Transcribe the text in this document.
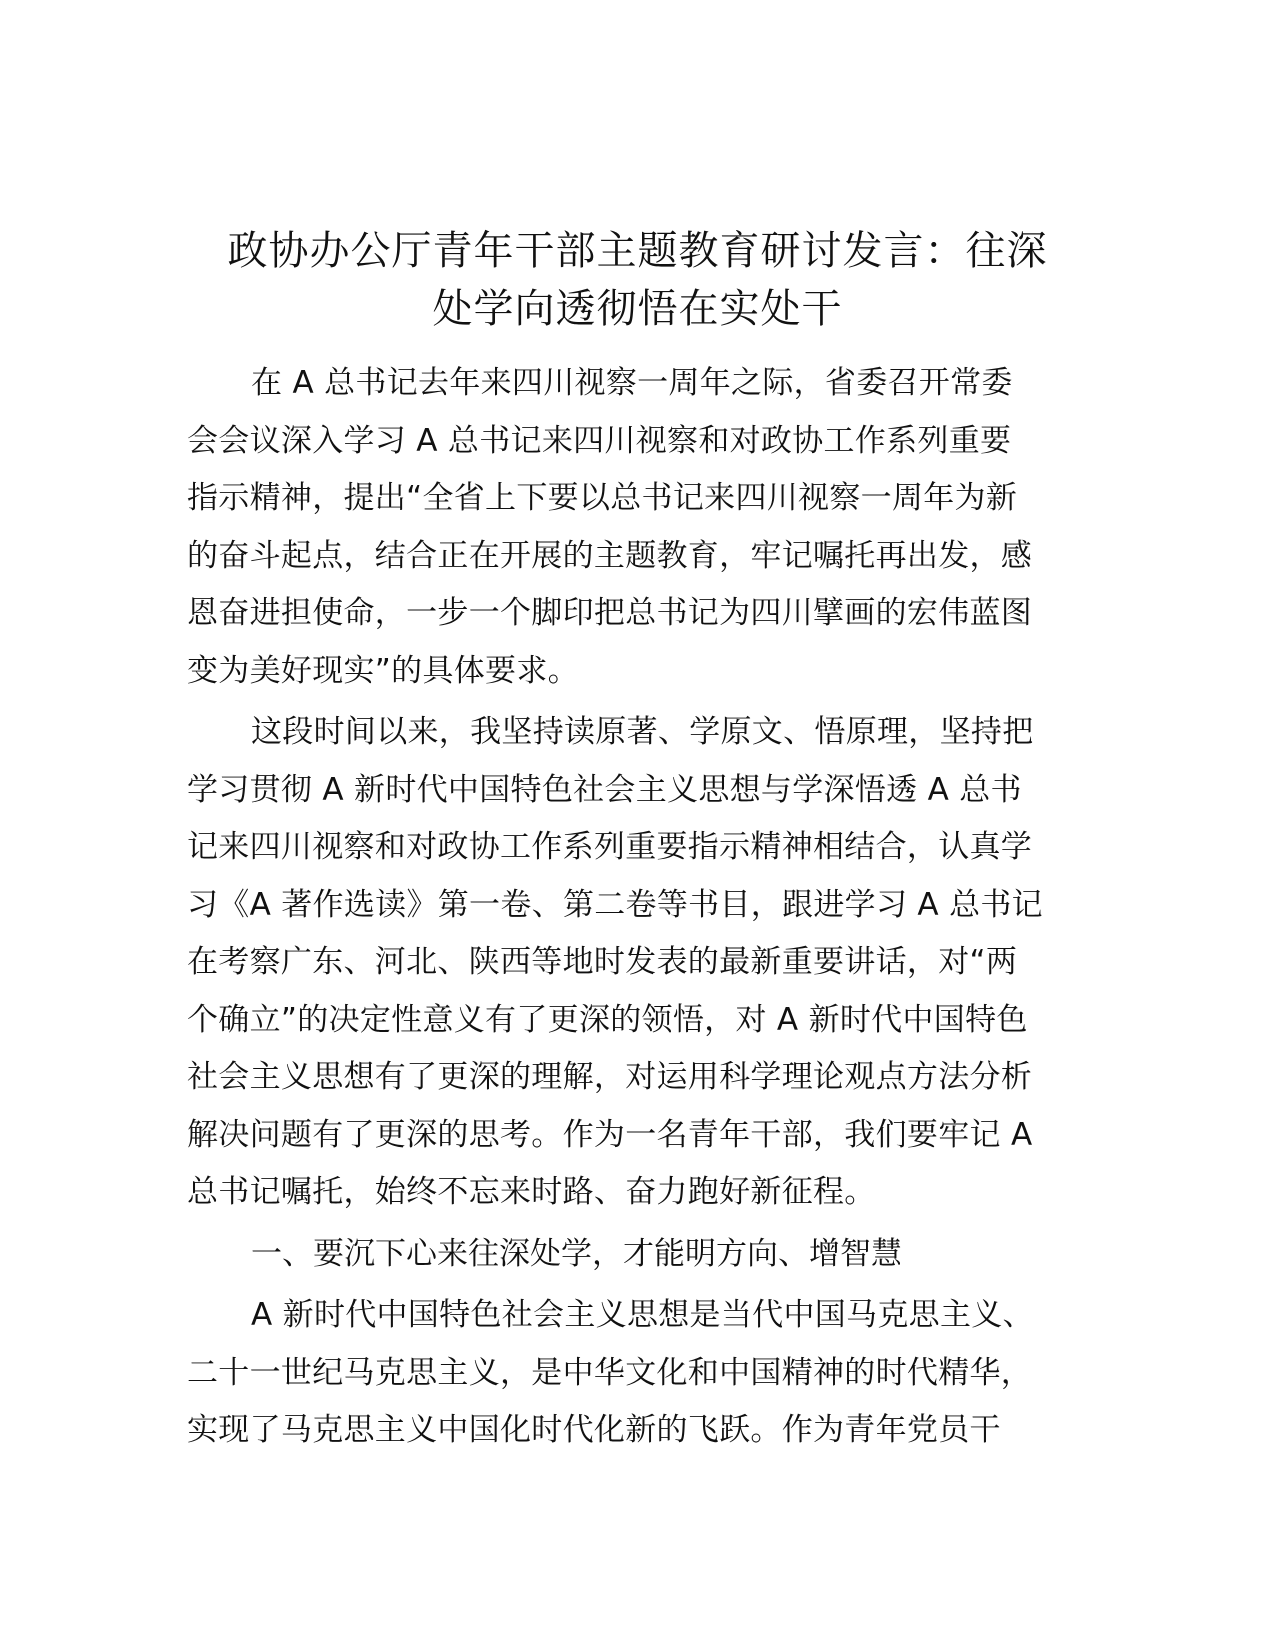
政协办公厅青年干部主题教育研讨发言：往深
处学向透彻悟在实处干

在 A 总书记去年来四川视察一周年之际，省委召开常委
会会议深入学习 A 总书记来四川视察和对政协工作系列重要
指示精神，提出“全省上下要以总书记来四川视察一周年为新
的奋斗起点，结合正在开展的主题教育，牢记嘱托再出发，感
恩奋进担使命，一步一个脚印把总书记为四川擘画的宏伟蓝图
变为美好现实”的具体要求。

这段时间以来，我坚持读原著、学原文、悟原理，坚持把
学习贯彻 A 新时代中国特色社会主义思想与学深悟透 A 总书
记来四川视察和对政协工作系列重要指示精神相结合，认真学
习《A 著作选读》第一卷、第二卷等书目，跟进学习 A 总书记
在考察广东、河北、陕西等地时发表的最新重要讲话，对“两
个确立”的决定性意义有了更深的领悟，对 A 新时代中国特色
社会主义思想有了更深的理解，对运用科学理论观点方法分析
解决问题有了更深的思考。作为一名青年干部，我们要牢记 A
总书记嘱托，始终不忘来时路、奋力跑好新征程。

一、要沉下心来往深处学，才能明方向、增智慧

A 新时代中国特色社会主义思想是当代中国马克思主义、
二十一世纪马克思主义，是中华文化和中国精神的时代精华，
实现了马克思主义中国化时代化新的飞跃。作为青年党员干
